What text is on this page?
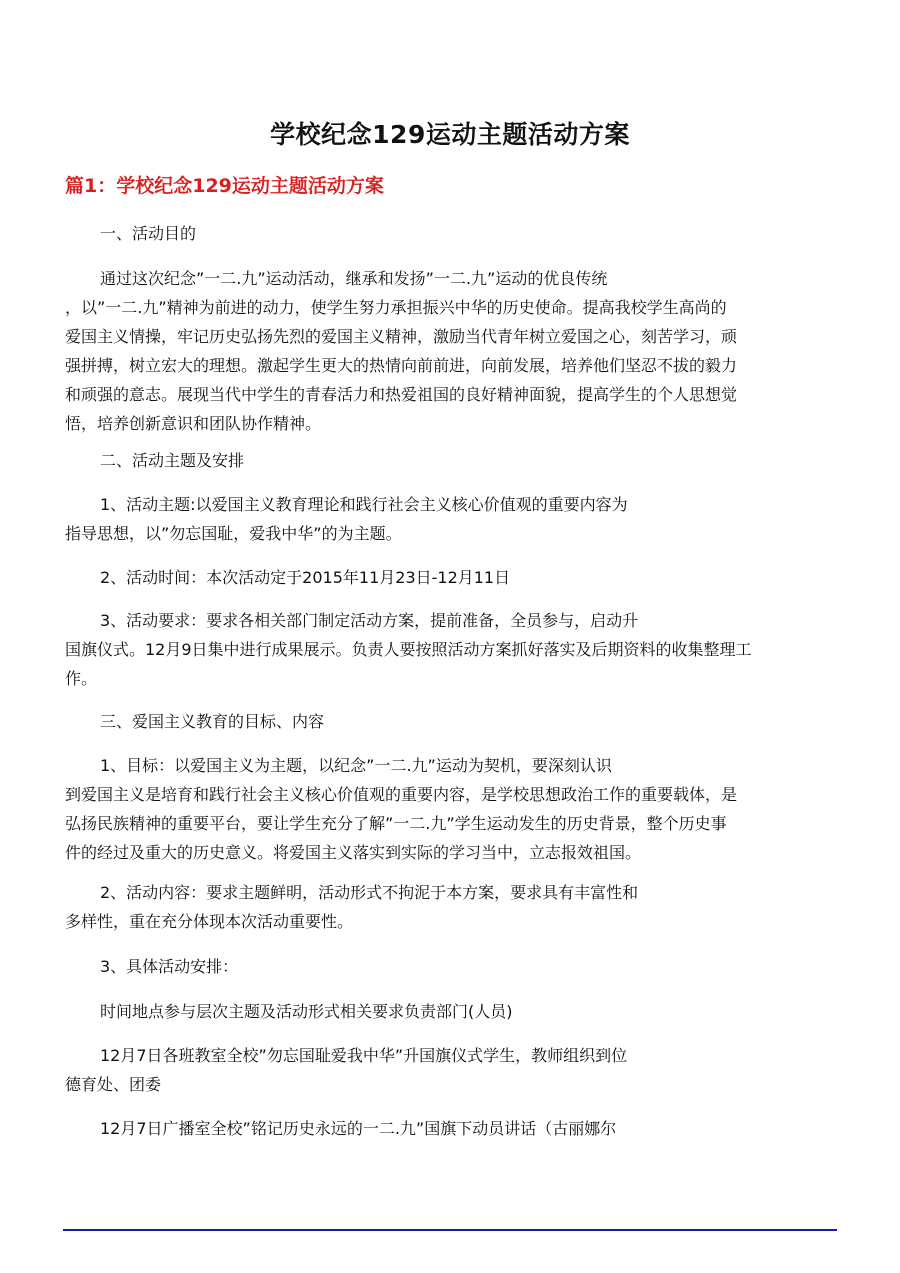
学校纪念129运动主题活动方案
篇1：学校纪念129运动主题活动方案

一、活动目的

通过这次纪念”一二.九”运动活动，继承和发扬”一二.九”运动的优良传统
，以”一二.九”精神为前进的动力，使学生努力承担振兴中华的历史使命。提高我校学生高尚的
爱国主义情操，牢记历史弘扬先烈的爱国主义精神，激励当代青年树立爱国之心，刻苦学习，顽
强拼搏，树立宏大的理想。激起学生更大的热情向前前进，向前发展，培养他们坚忍不拔的毅力
和顽强的意志。展现当代中学生的青春活力和热爱祖国的良好精神面貌，提高学生的个人思想觉
悟，培养创新意识和团队协作精神。

二、活动主题及安排

1、活动主题:以爱国主义教育理论和践行社会主义核心价值观的重要内容为
指导思想，以”勿忘国耻，爱我中华”的为主题。

2、活动时间：本次活动定于2015年11月23日-12月11日

3、活动要求：要求各相关部门制定活动方案，提前准备，全员参与，启动升
国旗仪式。12月9日集中进行成果展示。负责人要按照活动方案抓好落实及后期资料的收集整理工
作。

三、爱国主义教育的目标、内容

1、目标：以爱国主义为主题，以纪念”一二.九”运动为契机，要深刻认识
到爱国主义是培育和践行社会主义核心价值观的重要内容，是学校思想政治工作的重要载体，是
弘扬民族精神的重要平台，要让学生充分了解”一二.九”学生运动发生的历史背景，整个历史事
件的经过及重大的历史意义。将爱国主义落实到实际的学习当中，立志报效祖国。

2、活动内容：要求主题鲜明，活动形式不拘泥于本方案，要求具有丰富性和
多样性，重在充分体现本次活动重要性。

3、具体活动安排：

时间地点参与层次主题及活动形式相关要求负责部门(人员)

12月7日各班教室全校”勿忘国耻爱我中华”升国旗仪式学生，教师组织到位
德育处、团委

12月7日广播室全校”铭记历史永远的一二.九”国旗下动员讲话（古丽娜尔
